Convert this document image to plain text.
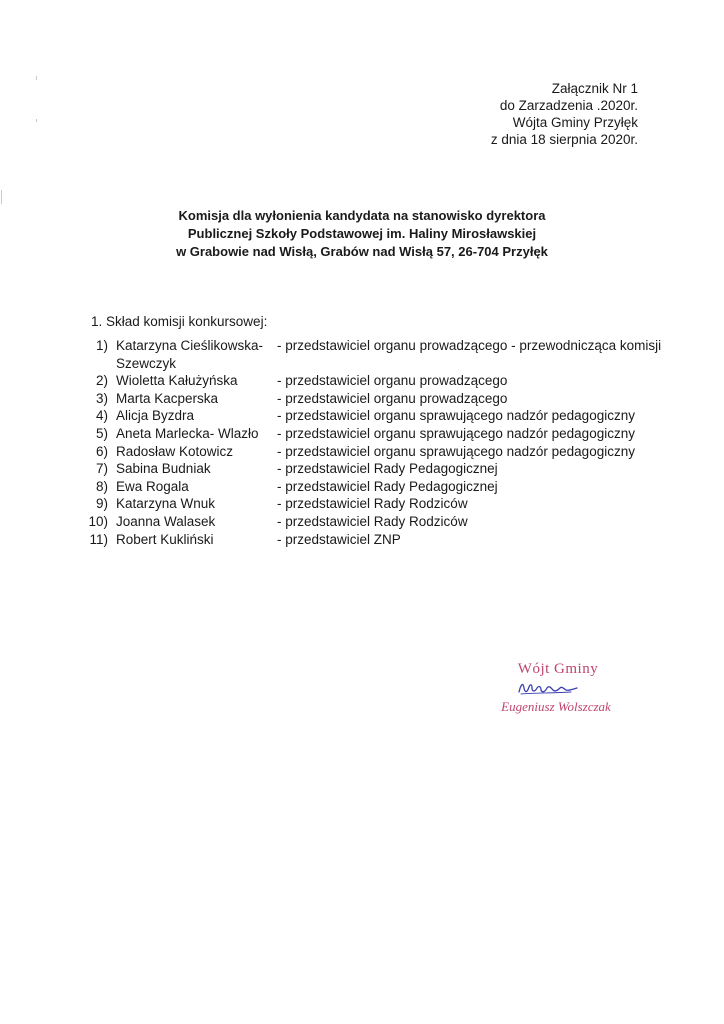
Załącznik Nr 1
do Zarzadzenia .2020r.
Wójta Gminy Przyłęk
z dnia 18 sierpnia 2020r.
Komisja dla wyłonienia kandydata na stanowisko dyrektora
Publicznej Szkoły Podstawowej im. Haliny Mirosławskiej
w Grabowie nad Wisłą, Grabów nad Wisłą 57, 26-704 Przyłęk
1. Skład komisji konkursowej:
1) Katarzyna Cieślikowska-Szewczyk
- przedstawiciel organu prowadzącego - przewodnicząca komisji
2) Wioletta Kałużyńska	- przedstawiciel organu prowadzącego
3) Marta Kacperska	- przedstawiciel organu prowadzącego
4) Alicja Byzdra	- przedstawiciel organu sprawującego nadzór pedagogiczny
5) Aneta Marlecka- Wlazło	- przedstawiciel organu sprawującego nadzór pedagogiczny
6) Radosław Kotowicz	- przedstawiciel organu sprawującego nadzór pedagogiczny
7) Sabina Budniak	- przedstawiciel Rady Pedagogicznej
8) Ewa Rogala	- przedstawiciel Rady Pedagogicznej
9) Katarzyna Wnuk	- przedstawiciel Rady Rodziców
10) Joanna Walasek	- przedstawiciel Rady Rodziców
11) Robert Kukliński	- przedstawiciel ZNP
Wójt Gminy
Eugeniusz Wolszczak
